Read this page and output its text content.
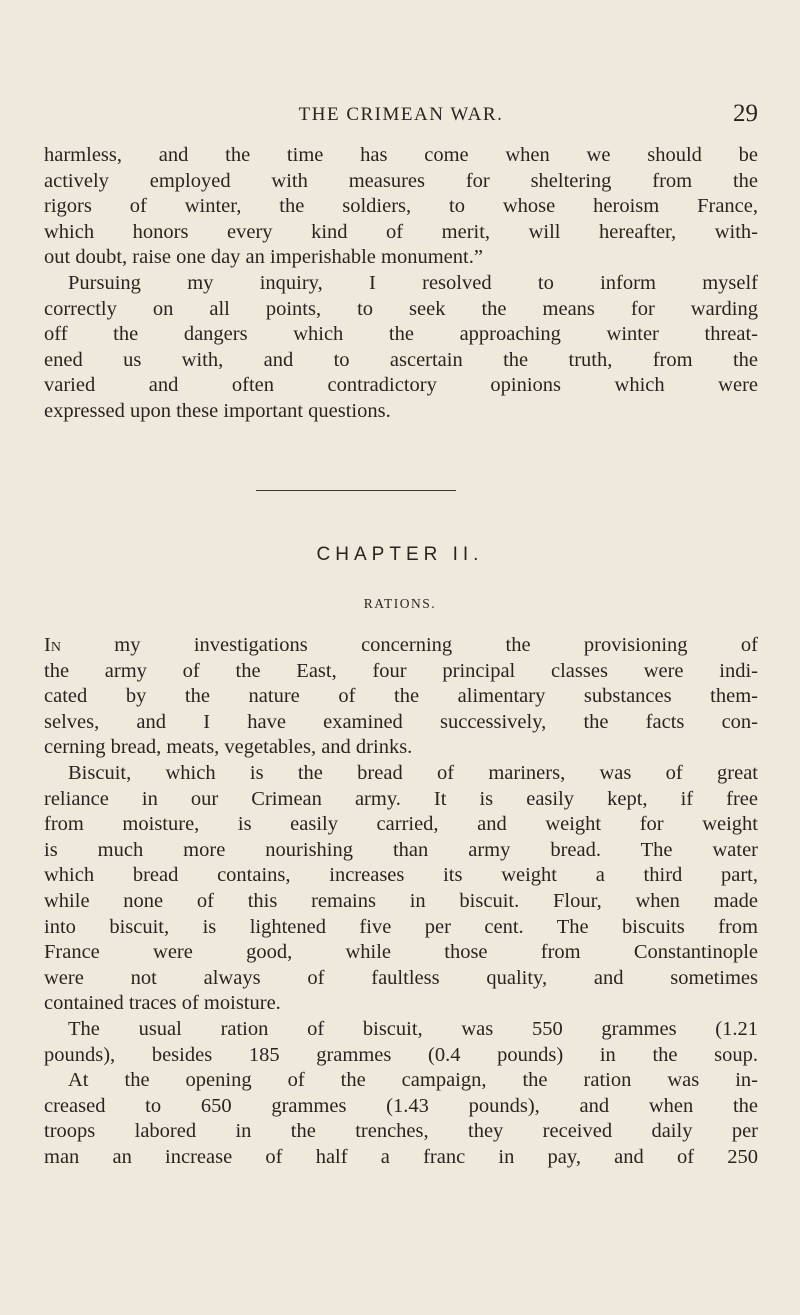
THE CRIMEAN WAR.	29

harmless, and the time has come when we should be
actively employed with measures for sheltering from the
rigors of winter, the soldiers, to whose heroism France,
which honors every kind of merit, will hereafter, with-
out doubt, raise one day an imperishable monument.”

Pursuing my inquiry, I resolved to inform myself
correctly on all points, to seek the means for warding
off the dangers which the approaching winter threat-
ened us with, and to ascertain the truth, from the
varied and often contradictory opinions which were
expressed upon these important questions.

CHAPTER II.
RATIONS.

In my investigations concerning the provisioning of
the army of the East, four principal classes were indi-
cated by the nature of the alimentary substances them-
selves, and I have examined successively, the facts con-
cerning bread, meats, vegetables, and drinks.

Biscuit, which is the bread of mariners, was of great
reliance in our Crimean army. It is easily kept, if free
from moisture, is easily carried, and weight for weight
is much more nourishing than army bread. The water
which bread contains, increases its weight a third part,
while none of this remains in biscuit. Flour, when made
into biscuit, is lightened five per cent. The biscuits from
France were good, while those from Constantinople
were not always of faultless quality, and sometimes
contained traces of moisture.

The usual ration of biscuit, was 550 grammes (1.21
pounds), besides 185 grammes (0.4 pounds) in the soup.
At the opening of the campaign, the ration was in-
creased to 650 grammes (1.43 pounds), and when the
troops labored in the trenches, they received daily per
man an increase of half a franc in pay, and of 250
